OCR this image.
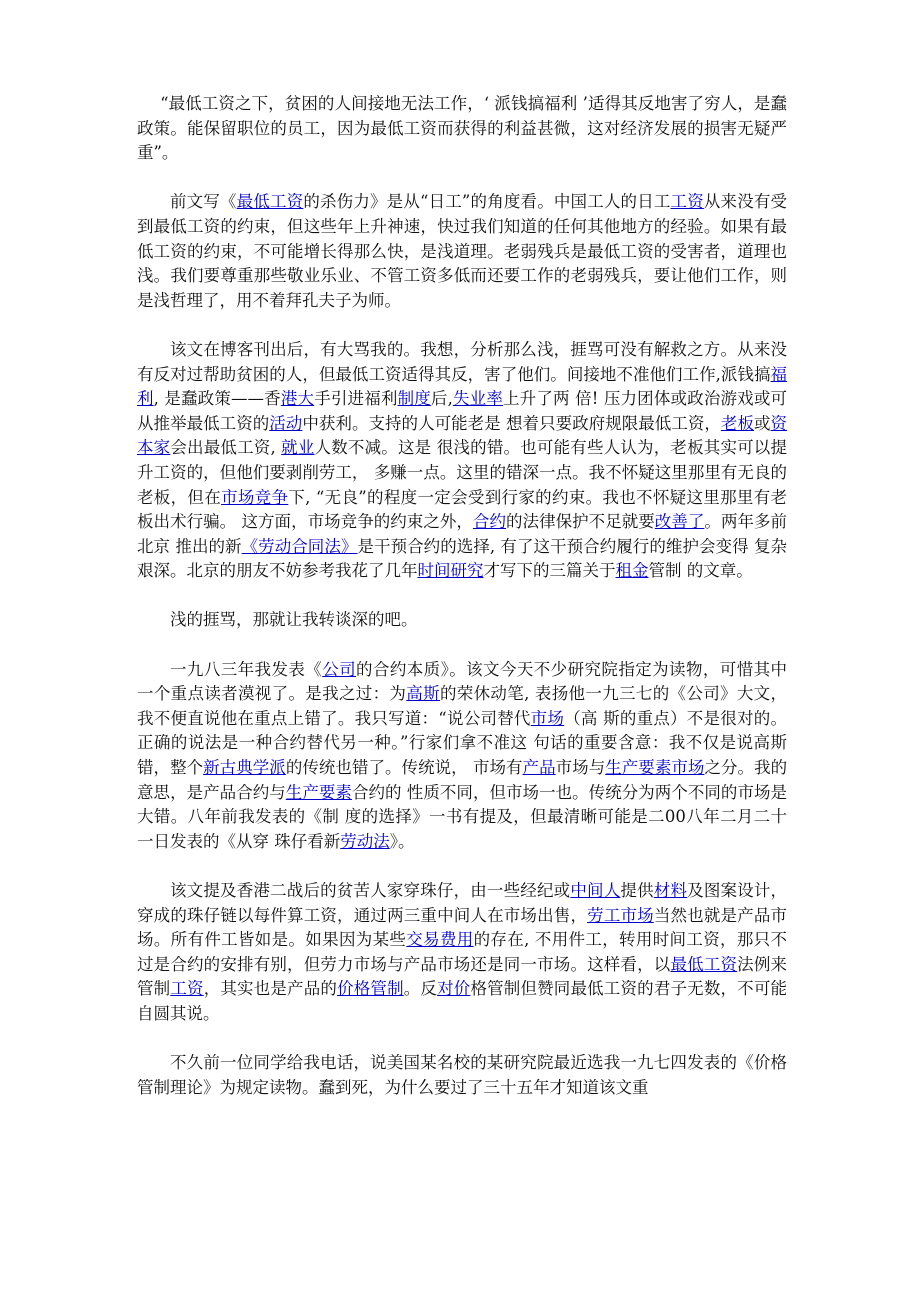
“最低工资之下，贫困的人间接地无法工作，‘ 派钱搞福利 ’适得其反地害了穷人，是蠢政策。能保留职位的员工，因为最低工资而获得的利益甚微，这对经济发展的损害无疑严重”。

前文写《最低工资的杀伤力》是从“日工”的角度看。中国工人的日工工资从来没有受到最低工资的约束，但这些年上升神速，快过我们知道的任何其他地方的经验。如果有最低工资的约束，不可能增长得那么快，是浅道理。老弱残兵是最低工资的受害者，道理也浅。我们要尊重那些敬业乐业、不管工资多低而还要工作的老弱残兵，要让他们工作，则是浅哲理了，用不着拜孔夫子为师。

该文在博客刊出后，有大骂我的。我想，分析那么浅，捱骂可没有解救之方。从来没有反对过帮助贫困的人，但最低工资适得其反，害了他们。间接地不准他们工作,派钱搞福利, 是蠢政策——香港大手引进福利制度后,失业率上升了两 倍! 压力团体或政治游戏或可从推举最低工资的活动中获利。支持的人可能老是 想着只要政府规限最低工资，老板或资本家会出最低工资, 就业人数不减。这是 很浅的错。也可能有些人认为，老板其实可以提升工资的，但他们要剥削劳工， 多赚一点。这里的错深一点。我不怀疑这里那里有无良的老板，但在市场竞争下, “无良”的程度一定会受到行家的约束。我也不怀疑这里那里有老板出术行骗。 这方面，市场竞争的约束之外，合约的法律保护不足就要改善了。两年多前北京 推出的新《劳动合同法》是干预合约的选择, 有了这干预合约履行的维护会变得 复杂艰深。北京的朋友不妨参考我花了几年时间研究才写下的三篇关于租金管制 的文章。

浅的捱骂，那就让我转谈深的吧。

一九八三年我发表《公司的合约本质》。该文今天不少研究院指定为读物，可惜其中一个重点读者漠视了。是我之过：为高斯的荣休动笔, 表扬他一九三七的《公司》大文，我不便直说他在重点上错了。我只写道：“说公司替代市场（高 斯的重点）不是很对的。正确的说法是一种合约替代另一种。”行家们拿不准这 句话的重要含意：我不仅是说高斯错，整个新古典学派的传统也错了。传统说， 市场有产品市场与生产要素市场之分。我的意思，是产品合约与生产要素合约的 性质不同，但市场一也。传统分为两个不同的市场是大错。八年前我发表的《制 度的选择》一书有提及，但最清晰可能是二00八年二月二十一日发表的《从穿 珠仔看新劳动法》。

该文提及香港二战后的贫苦人家穿珠仔，由一些经纪或中间人提供材料及图案设计，穿成的珠仔链以每件算工资，通过两三重中间人在市场出售，劳工市场当然也就是产品市场。所有件工皆如是。如果因为某些交易费用的存在, 不用件工，转用时间工资，那只不过是合约的安排有别，但劳力市场与产品市场还是同一市场。这样看，以最低工资法例来管制工资，其实也是产品的价格管制。反对价格管制但赞同最低工资的君子无数，不可能自圆其说。

不久前一位同学给我电话，说美国某名校的某研究院最近选我一九七四发表的《价格管制理论》为规定读物。蠢到死，为什么要过了三十五年才知道该文重
